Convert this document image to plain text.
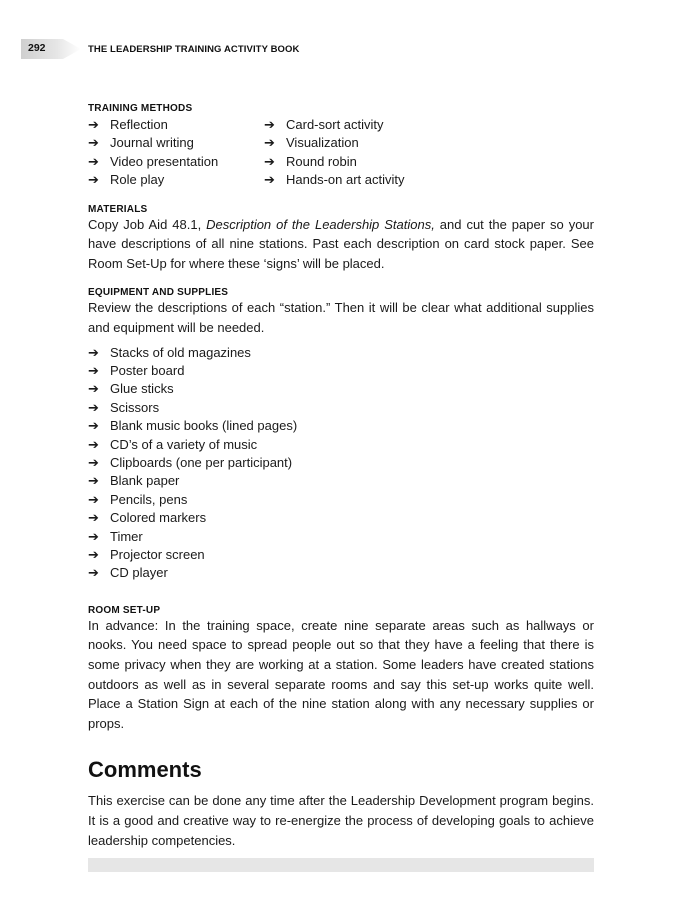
292	THE LEADERSHIP TRAINING ACTIVITY BOOK

TRAINING METHODS

➔ Reflection
➔ Journal writing
➔ Video presentation
➔ Role play
➔ Card-sort activity
➔ Visualization
➔ Round robin
➔ Hands-on art activity

MATERIALS

Copy Job Aid 48.1, Description of the Leadership Stations, and cut the paper so your have descriptions of all nine stations. Past each description on card stock paper. See Room Set-Up for where these ‘signs’ will be placed.

EQUIPMENT AND SUPPLIES

Review the descriptions of each “station.” Then it will be clear what additional supplies and equipment will be needed.

➔ Stacks of old magazines
➔ Poster board
➔ Glue sticks
➔ Scissors
➔ Blank music books (lined pages)
➔ CD’s of a variety of music
➔ Clipboards (one per participant)
➔ Blank paper
➔ Pencils, pens
➔ Colored markers
➔ Timer
➔ Projector screen
➔ CD player

ROOM SET-UP

In advance: In the training space, create nine separate areas such as hallways or nooks. You need space to spread people out so that they have a feeling that there is some privacy when they are working at a station. Some leaders have created stations outdoors as well as in several separate rooms and say this set-up works quite well. Place a Station Sign at each of the nine station along with any necessary supplies or props.

Comments

This exercise can be done any time after the Leadership Development program begins. It is a good and creative way to re-energize the process of developing goals to achieve leadership competencies.
